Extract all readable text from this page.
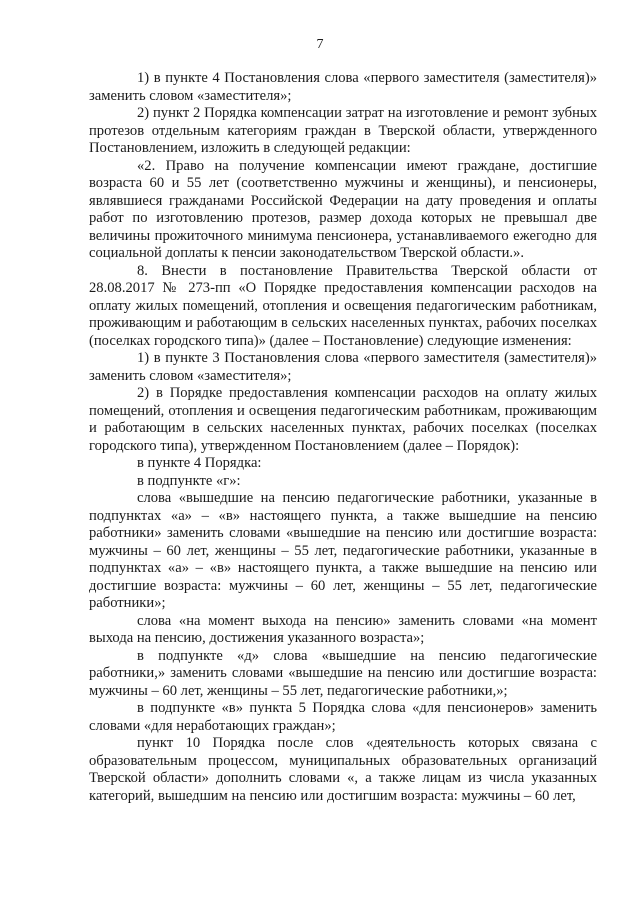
7

1) в пункте 4 Постановления слова «первого заместителя (заместителя)» заменить словом «заместителя»;

2) пункт 2 Порядка компенсации затрат на изготовление и ремонт зубных протезов отдельным категориям граждан в Тверской области, утвержденного Постановлением, изложить в следующей редакции:

«2. Право на получение компенсации имеют граждане, достигшие возраста 60 и 55 лет (соответственно мужчины и женщины), и пенсионеры, являвшиеся гражданами Российской Федерации на дату проведения и оплаты работ по изготовлению протезов, размер дохода которых не превышал две величины прожиточного минимума пенсионера, устанавливаемого ежегодно для социальной доплаты к пенсии законодательством Тверской области.».

8. Внести в постановление Правительства Тверской области от 28.08.2017 № 273-пп «О Порядке предоставления компенсации расходов на оплату жилых помещений, отопления и освещения педагогическим работникам, проживающим и работающим в сельских населенных пунктах, рабочих поселках (поселках городского типа)» (далее – Постановление) следующие изменения:

1) в пункте 3 Постановления слова «первого заместителя (заместителя)» заменить словом «заместителя»;

2) в Порядке предоставления компенсации расходов на оплату жилых помещений, отопления и освещения педагогическим работникам, проживающим и работающим в сельских населенных пунктах, рабочих поселках (поселках городского типа), утвержденном Постановлением (далее – Порядок):

в пункте 4 Порядка:

в подпункте «г»:

слова «вышедшие на пенсию педагогические работники, указанные в подпунктах «а» – «в» настоящего пункта, а также вышедшие на пенсию работники» заменить словами «вышедшие на пенсию или достигшие возраста: мужчины – 60 лет, женщины – 55 лет, педагогические работники, указанные в подпунктах «а» – «в» настоящего пункта, а также вышедшие на пенсию или достигшие возраста: мужчины – 60 лет, женщины – 55 лет, педагогические работники»;

слова «на момент выхода на пенсию» заменить словами «на момент выхода на пенсию, достижения указанного возраста»;

в подпункте «д» слова «вышедшие на пенсию педагогические работники,» заменить словами «вышедшие на пенсию или достигшие возраста: мужчины – 60 лет, женщины – 55 лет, педагогические работники,»;

в подпункте «в» пункта 5 Порядка слова «для пенсионеров» заменить словами «для неработающих граждан»;

пункт 10 Порядка после слов «деятельность которых связана с образовательным процессом, муниципальных образовательных организаций Тверской области» дополнить словами «, а также лицам из числа указанных категорий, вышедшим на пенсию или достигшим возраста: мужчины – 60 лет,
